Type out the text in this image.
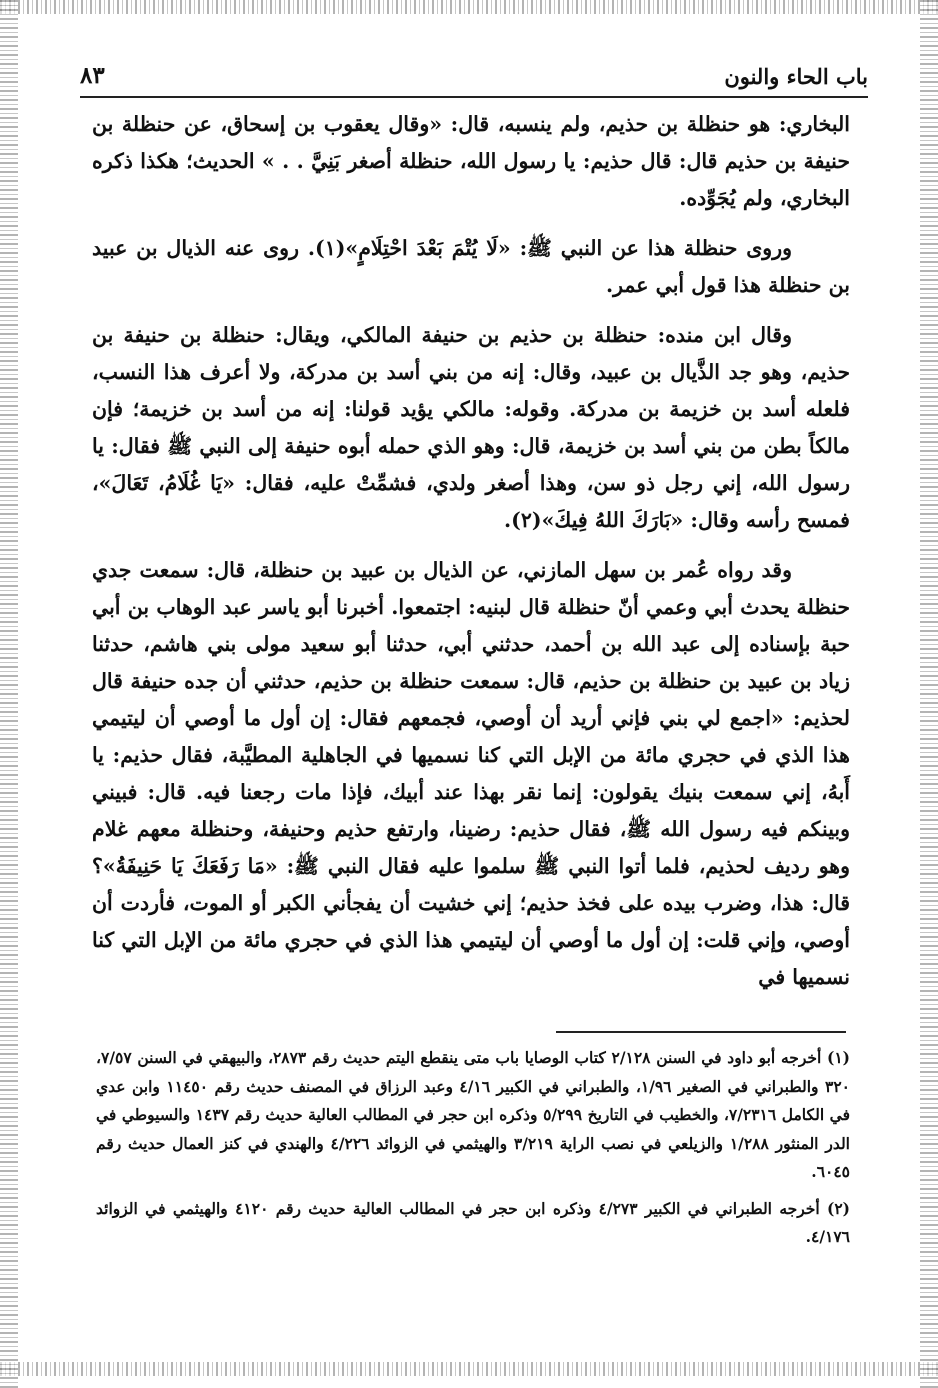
باب الحاء والنون
٨٣

البخاري: هو حنظلة بن حذيم، ولم ينسبه، قال: «وقال يعقوب بن إسحاق، عن حنظلة بن حنيفة بن حذيم قال: قال حذيم: يا رسول الله، حنظلة أصغر بَنِيَّ . . » الحديث؛ هكذا ذكره البخاري، ولم يُجَوِّده.

وروى حنظلة هذا عن النبي ﷺ: «لَا يُتْمَ بَعْدَ احْتِلَامٍ»(١). روى عنه الذيال بن عبيد بن حنظلة هذا قول أبي عمر.

وقال ابن منده: حنظلة بن حذيم بن حنيفة المالكي، ويقال: حنظلة بن حنيفة بن حذيم، وهو جد الذَّيال بن عبيد، وقال: إنه من بني أسد بن مدركة، ولا أعرف هذا النسب، فلعله أسد بن خزيمة بن مدركة. وقوله: مالكي يؤيد قولنا: إنه من أسد بن خزيمة؛ فإن مالكاً بطن من بني أسد بن خزيمة، قال: وهو الذي حمله أبوه حنيفة إلى النبي ﷺ فقال: يا رسول الله، إني رجل ذو سن، وهذا أصغر ولدي، فشمِّتْ عليه، فقال: «يَا غُلَامُ، تَعَالَ»، فمسح رأسه وقال: «بَارَكَ اللهُ فِيكَ»(٢).

وقد رواه عُمر بن سهل المازني، عن الذيال بن عبيد بن حنظلة، قال: سمعت جدي حنظلة يحدث أبي وعمي أنّ حنظلة قال لبنيه: اجتمعوا. أخبرنا أبو ياسر عبد الوهاب بن أبي حبة بإسناده إلى عبد الله بن أحمد، حدثني أبي، حدثنا أبو سعيد مولى بني هاشم، حدثنا زياد بن عبيد بن حنظلة بن حذيم، قال: سمعت حنظلة بن حذيم، حدثني أن جده حنيفة قال لحذيم: «اجمع لي بني فإني أريد أن أوصي، فجمعهم فقال: إن أول ما أوصي أن ليتيمي هذا الذي في حجري مائة من الإبل التي كنا نسميها في الجاهلية المطيَّبة، فقال حذيم: يا أَبهُ، إني سمعت بنيك يقولون: إنما نقر بهذا عند أبيك، فإذا مات رجعنا فيه. قال: فبيني وبينكم فيه رسول الله ﷺ، فقال حذيم: رضينا، وارتفع حذيم وحنيفة، وحنظلة معهم غلام وهو رديف لحذيم، فلما أتوا النبي ﷺ سلموا عليه فقال النبي ﷺ: «مَا رَفَعَكَ يَا حَنِيفَةُ»؟ قال: هذا، وضرب بيده على فخذ حذيم؛ إني خشيت أن يفجأني الكبر أو الموت، فأردت أن أوصي، وإني قلت: إن أول ما أوصي أن ليتيمي هذا الذي في حجري مائة من الإبل التي كنا نسميها في

(١) أخرجه أبو داود في السنن ٢/١٢٨ كتاب الوصايا باب متى ينقطع اليتم حديث رقم ٢٨٧٣، والبيهقي في السنن ٧/٥٧، ٣٢٠ والطبراني في الصغير ١/٩٦، والطبراني في الكبير ٤/١٦ وعبد الرزاق في المصنف حديث رقم ١١٤٥٠ وابن عدي في الكامل ٧/٢٣١٦، والخطيب في التاريخ ٥/٢٩٩ وذكره ابن حجر في المطالب العالية حديث رقم ١٤٣٧ والسيوطي في الدر المنثور ١/٢٨٨ والزيلعي في نصب الراية ٣/٢١٩ والهيثمي في الزوائد ٤/٢٢٦ والهندي في كنز العمال حديث رقم ٦٠٤٥.

(٢) أخرجه الطبراني في الكبير ٤/٢٧٣ وذكره ابن حجر في المطالب العالية حديث رقم ٤١٢٠ والهيثمي في الزوائد ٤/١٧٦.
